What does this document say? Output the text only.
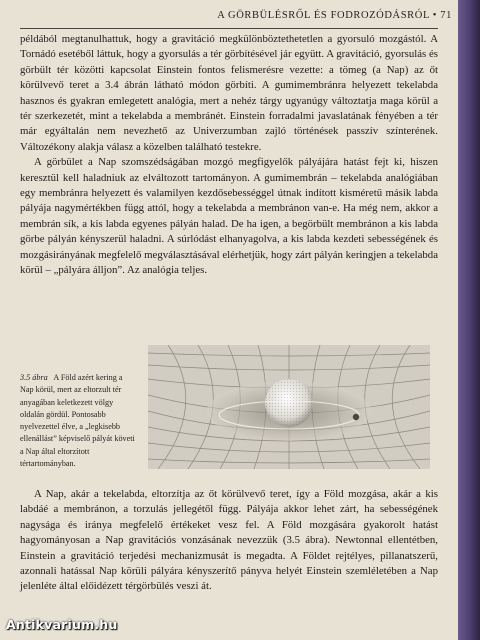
A GÖRBÜLÉSRŐL ÉS FODROZÓDÁSRÓL • 71

példából megtanulhattuk, hogy a gravitáció megkülönböztethetetlen a gyorsuló mozgástól. A Tornádó esetéből láttuk, hogy a gyorsulás a tér görbítésével jár együtt. A gravitáció, gyorsulás és görbült tér közötti kapcsolat Einstein fontos felismerésre vezette: a tömeg (a Nap) az őt körülvevő teret a 3.4 ábrán látható módon görbíti. A gumimembránra helyezett tekelabda hasznos és gyakran emlegetett analógia, mert a nehéz tárgy ugyanúgy változtatja maga körül a tér szerkezetét, mint a tekelabda a membránét. Einstein forradalmi javaslatának fényében a tér már egyáltalán nem nevezhető az Univerzumban zajló történések passzív színterének. Változékony alakja válasz a közelben található testekre.

A görbület a Nap szomszédságában mozgó megfigyelők pályájára hatást fejt ki, hiszen keresztül kell haladniuk az elváltozott tartományon. A gumimembrán – tekelabda analógiában egy membránra helyezett és valamilyen kezdősebességgel útnak indított kisméretű másik labda pályája nagymértékben függ attól, hogy a tekelabda a membránon van-e. Ha még nem, akkor a membrán sík, a kis labda egyenes pályán halad. De ha igen, a begörbült membránon a kis labda görbe pályán kényszerül haladni. A súrlódást elhanyagolva, a kis labda kezdeti sebességének és mozgásirányának megfelelő megválasztásával elérhetjük, hogy zárt pályán keringjen a tekelabda körül – „pályára álljon”. Az analógia teljes.

3.5 ábra A Föld azért kering a Nap körül, mert az eltorzult tér anyagában keletkezett völgy oldalán gördül. Pontosabb nyelvezettel élve, a „legkisebb ellenállást” képviselő pályát követi a Nap által eltorzított tértartományban.

A Nap, akár a tekelabda, eltorzítja az őt körülvevő teret, így a Föld mozgása, akár a kis labdáé a membránon, a torzulás jellegétől függ. Pályája akkor lehet zárt, ha sebességének nagysága és iránya megfelelő értékeket vesz fel. A Föld mozgására gyakorolt hatást hagyományosan a Nap gravitációs vonzásának nevezzük (3.5 ábra). Newtonnal ellentétben, Einstein a gravitáció terjedési mechanizmusát is megadta. A Földet rejtélyes, pillanatszerű, azonnali hatással Nap körüli pályára kényszerítő pányva helyét Einstein szemléletében a Nap jelenléte által előidézett térgörbülés veszi át.

Antikvarium.hu
